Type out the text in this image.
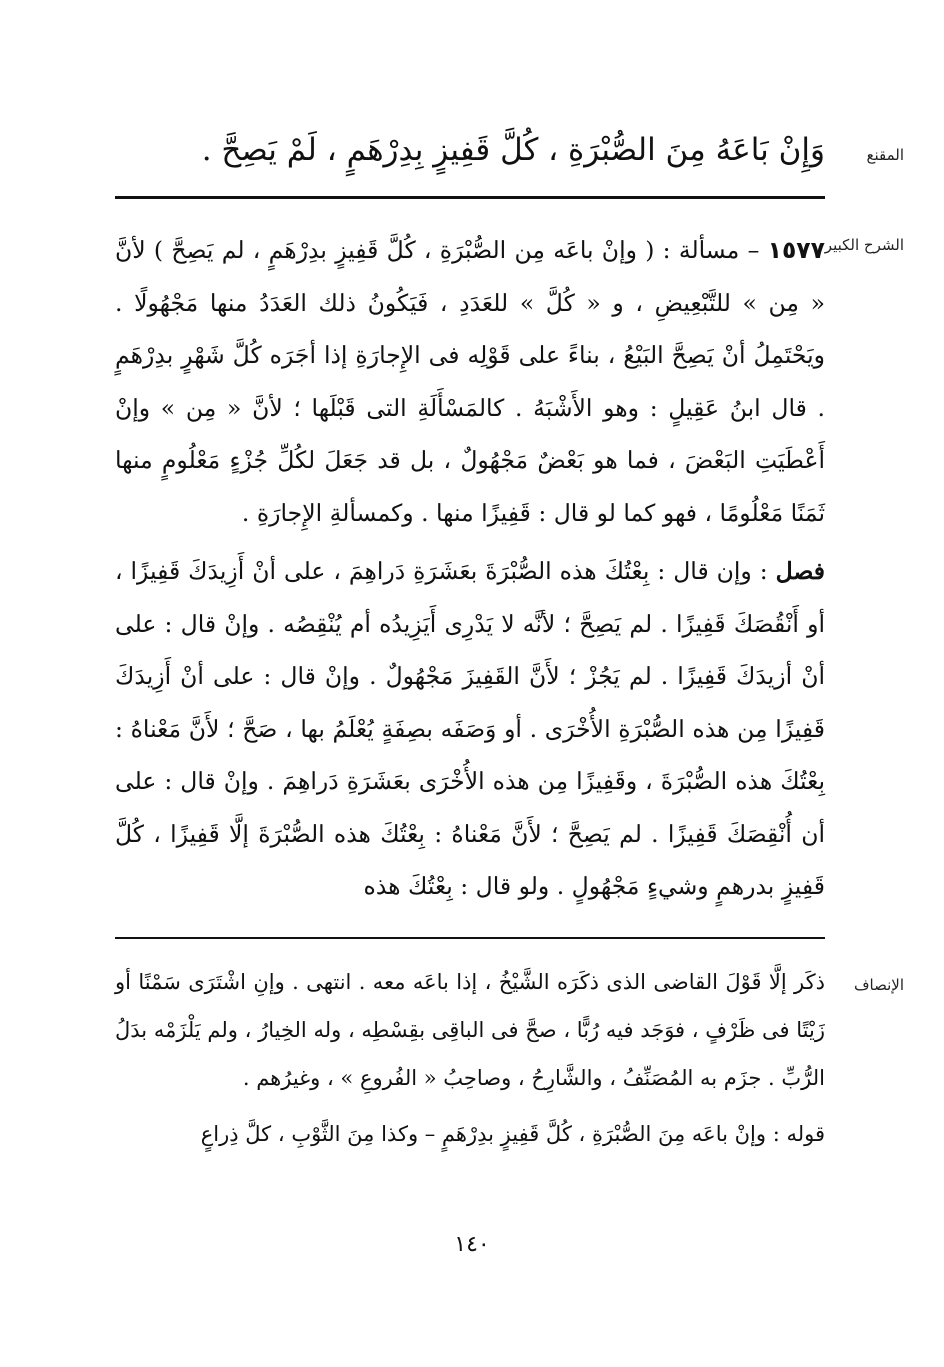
المقنع
وَإِنْ بَاعَهُ مِنَ الصُّبْرَةِ ، كُلَّ قَفِيزٍ بِدِرْهَمٍ ، لَمْ يَصِحَّ .
الشرح الكبير

١٥٧٧ – مسألة : ( وإنْ باعَه مِن الصُّبْرَةِ ، كُلَّ قَفِيزٍ بدِرْهَمٍ ، لم يَصِحَّ ) لأنَّ « مِن » للتَّبْعِيضِ ، و « كُلَّ » للعَدَدِ ، فَيَكُونُ ذلك العَدَدُ منها مَجْهُولًا . ويَحْتَمِلُ أنْ يَصِحَّ البَيْعُ ، بناءً على قَوْلِه فى الإِجارَةِ إذا أجَرَه كُلَّ شَهْرٍ بدِرْهَمٍ . قال ابنُ عَقِيلٍ : وهو الأَشْبَهُ . كالمَسْأَلَةِ التى قَبْلَها ؛ لأنَّ « مِن » وإنْ أَعْطَيَتِ البَعْضَ ، فما هو بَعْضٌ مَجْهُولٌ ، بل قد جَعَلَ لكُلِّ جُزْءٍ مَعْلُومٍ منها ثَمَنًا مَعْلُومًا ، فهو كما لو قال : قَفِيزًا منها . وكمسألةِ الإِجارَةِ .

فصل : وإن قال : بِعْتُكَ هذه الصُّبْرَةَ بعَشَرَةِ دَراهِمَ ، على أنْ أَزِيدَكَ قَفِيزًا ، أو أَنْقُصَكَ قَفِيزًا . لم يَصِحَّ ؛ لأنَّه لا يَدْرِى أَيَزِيدُه أم يُنْقِصُه . وإنْ قال : على أنْ أزيدَكَ قَفِيزًا . لم يَجُزْ ؛ لأَنَّ القَفِيزَ مَجْهُولٌ . وإنْ قال : على أنْ أَزِيدَكَ قَفِيزًا مِن هذه الصُّبْرَةِ الأُخْرَى . أو وَصَفَه بصِفَةٍ يُعْلَمُ بها ، صَحَّ ؛ لأَنَّ مَعْناهُ : بِعْتُكَ هذه الصُّبْرَةَ ، وقَفِيزًا مِن هذه الأُخْرَى بعَشَرَةِ دَراهِمَ . وإنْ قال : على أن أُنْقِصَكَ قَفِيزًا . لم يَصِحَّ ؛ لأَنَّ مَعْناهُ : بِعْتُكَ هذه الصُّبْرَةَ إلَّا قَفِيزًا ، كُلَّ قَفِيزٍ بدرهمٍ وشيءٍ مَجْهُولٍ . ولو قال : بِعْتُكَ هذه

الإنصاف

ذكَر إلَّا قَوْلَ القاضى الذى ذكَرَه الشَّيْخُ ، إذا باعَه معه . انتهى . وإنِ اشْتَرَى سَمْنًا أو زَيْتًا فى ظَرْفٍ ، فوَجَد فيه رُبًّا ، صحَّ فى الباقِى بقِسْطِه ، وله الخِيارُ ، ولم يَلْزَمْه بدَلُ الرُّبِّ . جزَم به المُصَنِّفُ ، والشَّارِحُ ، وصاحِبُ « الفُروعِ » ، وغيرُهم .

قوله : وإنْ باعَه مِنَ الصُّبْرَةِ ، كُلَّ قَفِيزٍ بدِرْهَمٍ – وكذا مِنَ الثَّوْبِ ، كلَّ ذِراعٍ

١٤٠
